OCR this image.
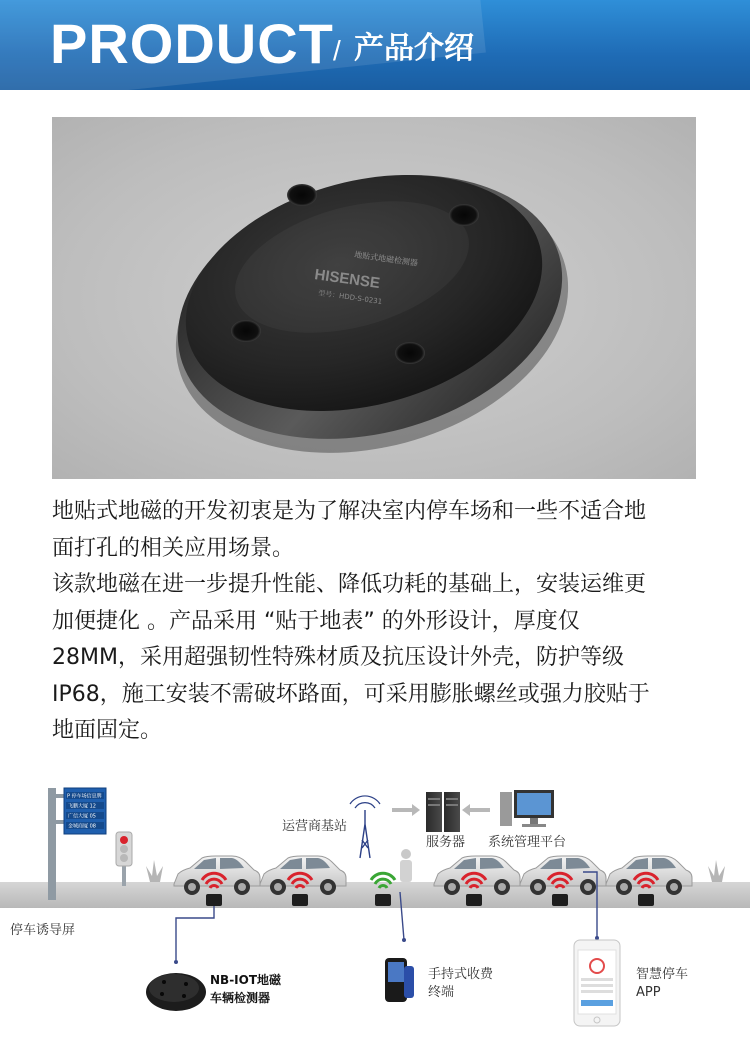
PRODUCT / 产品介绍
地贴式地磁检测器
HISENSE
型号：HDD-S-0231

地贴式地磁的开发初衷是为了解决室内停车场和一些不适合地

面打孔的相关应用场景。

该款地磁在进一步提升性能、降低功耗的基础上，安装运维更

加便捷化 。产品采用 “贴于地表” 的外形设计，厚度仅

28MM，采用超强韧性特殊材质及抗压设计外壳，防护等级

IP68，施工安装不需破坏路面，可采用膨胀螺丝或强力胶贴于

地面固定。

P 停车场信息牌
飞鹏大厦 12
广信大厦 05
金城商厦 08	运营商基站
服务器 系统管理平台
停车诱导屏
NB-IOT地磁
车辆检测器
手持式收费
终端
智慧停车
APP
